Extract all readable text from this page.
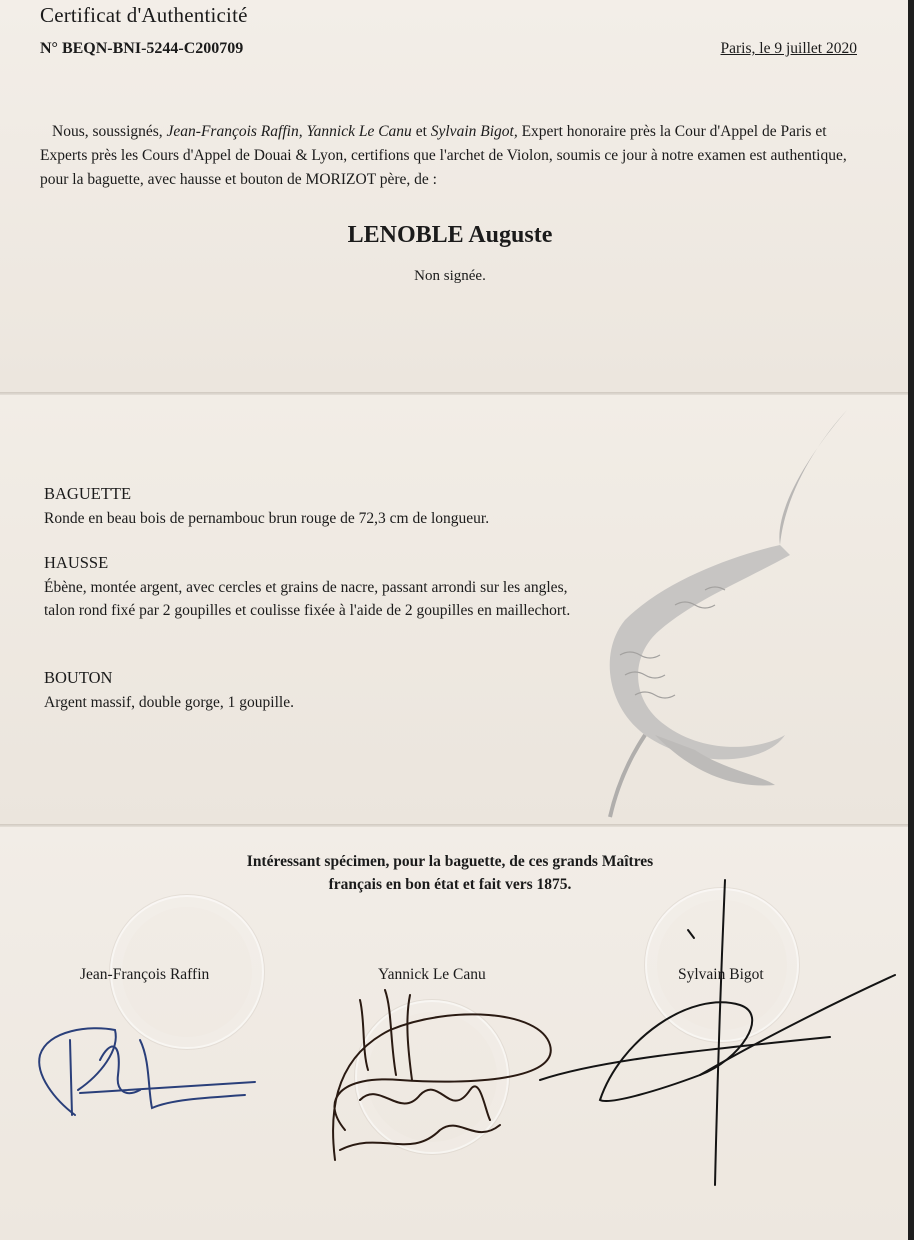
Certificat d'Authenticité
N° BEQN-BNI-5244-C200709	Paris, le 9 juillet 2020

Nous, soussignés, Jean-François Raffin, Yannick Le Canu et Sylvain Bigot, Expert honoraire près la Cour d'Appel de Paris et Experts près les Cours d'Appel de Douai & Lyon, certifions que l'archet de Violon, soumis ce jour à notre examen est authentique, pour la baguette, avec hausse et bouton de MORIZOT père, de :

LENOBLE Auguste
Non signée.
BAGUETTE
Ronde en beau bois de pernambouc brun rouge de 72,3 cm de longueur.
HAUSSE
Ébène, montée argent, avec cercles et grains de nacre, passant arrondi sur les angles, talon rond fixé par 2 goupilles et coulisse fixée à l'aide de 2 goupilles en maillechort.
BOUTON
Argent massif, double gorge, 1 goupille.
Intéressant spécimen, pour la baguette, de ces grands Maîtres
français en bon état et fait vers 1875.
Jean-François Raffin	Yannick Le Canu	Sylvain Bigot
